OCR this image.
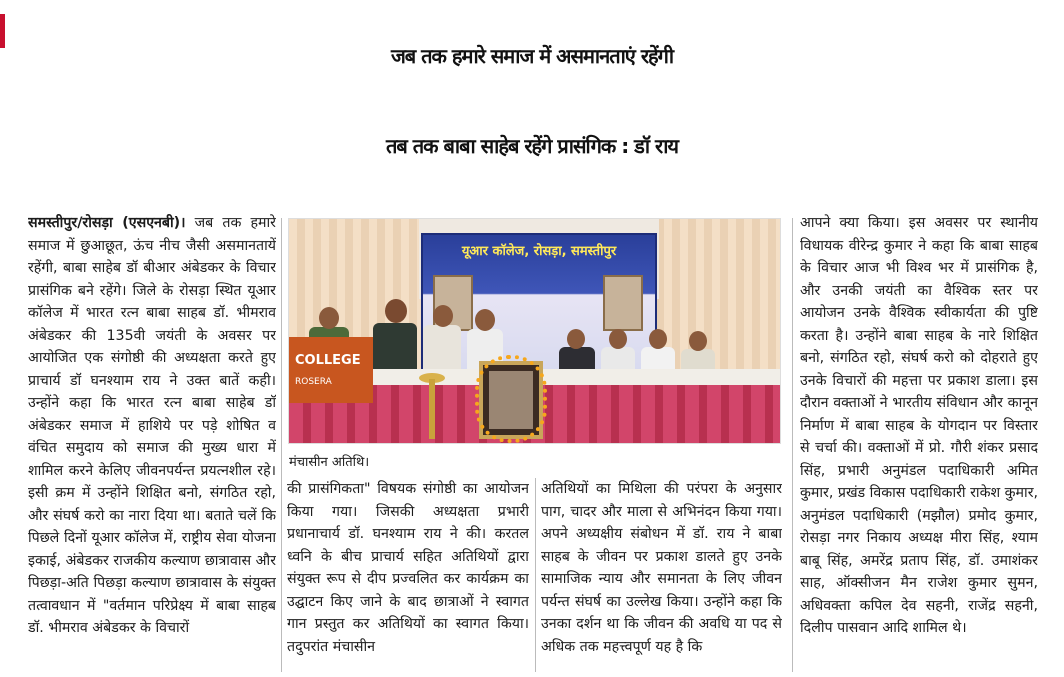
जब तक हमारे समाज में असमानताएं रहेंगी
तब तक बाबा साहेब रहेंगे प्रासंगिक : डॉ राय
समस्तीपुर/रोसड़ा (एसएनबी)। जब तक हमारे समाज में छुआछूत, ऊंच नीच जैसी असमानतायें रहेंगी, बाबा साहेब डॉ बीआर अंबेडकर के विचार प्रासंगिक बने रहेंगे। जिले के रोसड़ा स्थित यूआर कॉलेज में भारत रत्न बाबा साहब डॉ. भीमराव अंबेडकर की 135वी जयंती के अवसर पर आयोजित एक संगोष्ठी की अध्यक्षता करते हुए प्राचार्य डॉ घनश्याम राय ने उक्त बातें कही। उन्होंने कहा कि भारत रत्न बाबा साहेब डॉ अंबेडकर समाज में हाशिये पर पड़े शोषित व वंचित समुदाय को समाज की मुख्य धारा में शामिल करने केलिए जीवनपर्यन्त प्रयत्नशील रहे। इसी क्रम में उन्होंने शिक्षित बनो, संगठित रहो, और संघर्ष करो का नारा दिया था। बताते चलें कि पिछले दिनों यूआर कॉलेज में, राष्ट्रीय सेवा योजना इकाई, अंबेडकर राजकीय कल्याण छात्रावास और पिछड़ा-अति पिछड़ा कल्याण छात्रावास के संयुक्त तत्वावधान में "वर्तमान परिप्रेक्ष्य में बाबा साहब डॉ. भीमराव अंबेडकर के विचारों
यूआर कॉलेज, रोसड़ा, समस्तीपुर
COLLEGE
ROSERA
मंचासीन अतिथि।
की प्रासंगिकता" विषयक संगोष्ठी का आयोजन किया गया। जिसकी अध्यक्षता प्रभारी प्रधानाचार्य डॉ. घनश्याम राय ने की। करतल ध्वनि के बीच प्राचार्य सहित अतिथियों द्वारा संयुक्त रूप से दीप प्रज्वलित कर कार्यक्रम का उद्घाटन किए जाने के बाद छात्राओं ने स्वागत गान प्रस्तुत कर अतिथियों का स्वागत किया। तदुपरांत मंचासीन
अतिथियों का मिथिला की परंपरा के अनुसार पाग, चादर और माला से अभिनंदन किया गया। अपने अध्यक्षीय संबोधन में डॉ. राय ने बाबा साहब के जीवन पर प्रकाश डालते हुए उनके सामाजिक न्याय और समानता के लिए जीवन पर्यन्त संघर्ष का उल्लेख किया। उन्होंने कहा कि उनका दर्शन था कि जीवन की अवधि या पद से अधिक तक महत्त्वपूर्ण यह है कि
आपने क्या किया। इस अवसर पर स्थानीय विधायक वीरेन्द्र कुमार ने कहा कि बाबा साहब के विचार आज भी विश्व भर में प्रासंगिक है, और उनकी जयंती का वैश्विक स्तर पर आयोजन उनके वैश्विक स्वीकार्यता की पुष्टि करता है। उन्होंने बाबा साहब के नारे शिक्षित बनो, संगठित रहो, संघर्ष करो को दोहराते हुए उनके विचारों की महत्ता पर प्रकाश डाला। इस दौरान वक्ताओं ने भारतीय संविधान और कानून निर्माण में बाबा साहब के योगदान पर विस्तार से चर्चा की। वक्ताओं में प्रो. गौरी शंकर प्रसाद सिंह, प्रभारी अनुमंडल पदाधिकारी अमित कुमार, प्रखंड विकास पदाधिकारी राकेश कुमार, अनुमंडल पदाधिकारी (मझौल) प्रमोद कुमार, रोसड़ा नगर निकाय अध्यक्ष मीरा सिंह, श्याम बाबू सिंह, अमरेंद्र प्रताप सिंह, डॉ. उमाशंकर साह, ऑक्सीजन मैन राजेश कुमार सुमन, अधिवक्ता कपिल देव सहनी, राजेंद्र सहनी, दिलीप पासवान आदि शामिल थे।
